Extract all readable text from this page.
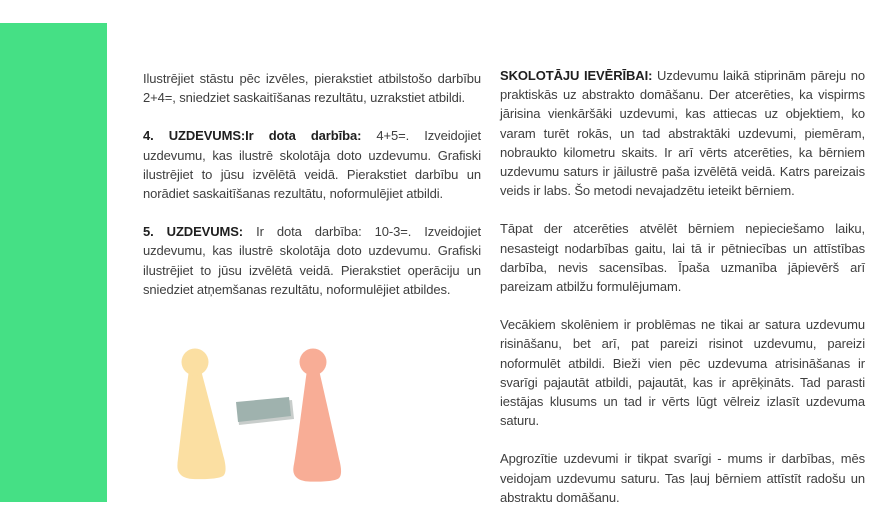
Ilustrējiet stāstu pēc izvēles, pierakstiet atbilstošo darbību 2+4=, sniedziet saskaitīšanas rezultātu, uzrakstiet atbildi.

4. UZDEVUMS:Ir dota darbība: 4+5=. Izveidojiet uzdevumu, kas ilustrē skolotāja doto uzdevumu. Grafiski ilustrējiet to jūsu izvēlētā veidā. Pierakstiet darbību un norādiet saskaitīšanas rezultātu, noformulējiet atbildi.

5. UZDEVUMS: Ir dota darbība: 10-3=. Izveidojiet uzdevumu, kas ilustrē skolotāja doto uzdevumu. Grafiski ilustrējiet to jūsu izvēlētā veidā. Pierakstiet operāciju un sniedziet atņemšanas rezultātu, noformulējiet atbildes.

SKOLOTĀJU IEVĒRĪBAI: Uzdevumu laikā stiprinām pāreju no praktiskās uz abstrakto domāšanu. Der atcerēties, ka vispirms jārisina vienkāršāki uzdevumi, kas attiecas uz objektiem, ko varam turēt rokās, un tad abstraktāki uzdevumi, piemēram, nobraukto kilometru skaits. Ir arī vērts atcerēties, ka bērniem uzdevumu saturs ir jāilustrē paša izvēlētā veidā. Katrs pareizais veids ir labs. Šo metodi nevajadzētu ieteikt bērniem.

Tāpat der atcerēties atvēlēt bērniem nepieciešamo laiku, nesasteigt nodarbības gaitu, lai tā ir pētniecības un attīstības darbība, nevis sacensības. Īpaša uzmanība jāpievērš arī pareizam atbilžu formulējumam.

Vecākiem skolēniem ir problēmas ne tikai ar satura uzdevumu risināšanu, bet arī, pat pareizi risinot uzdevumu, pareizi noformulēt atbildi. Bieži vien pēc uzdevuma atrisināšanas ir svarīgi pajautāt atbildi, pajautāt, kas ir aprēķināts. Tad parasti iestājas klusums un tad ir vērts lūgt vēlreiz izlasīt uzdevuma saturu.

Apgrozītie uzdevumi ir tikpat svarīgi - mums ir darbības, mēs veidojam uzdevumu saturu. Tas ļauj bērniem attīstīt radošu un abstraktu domāšanu.
